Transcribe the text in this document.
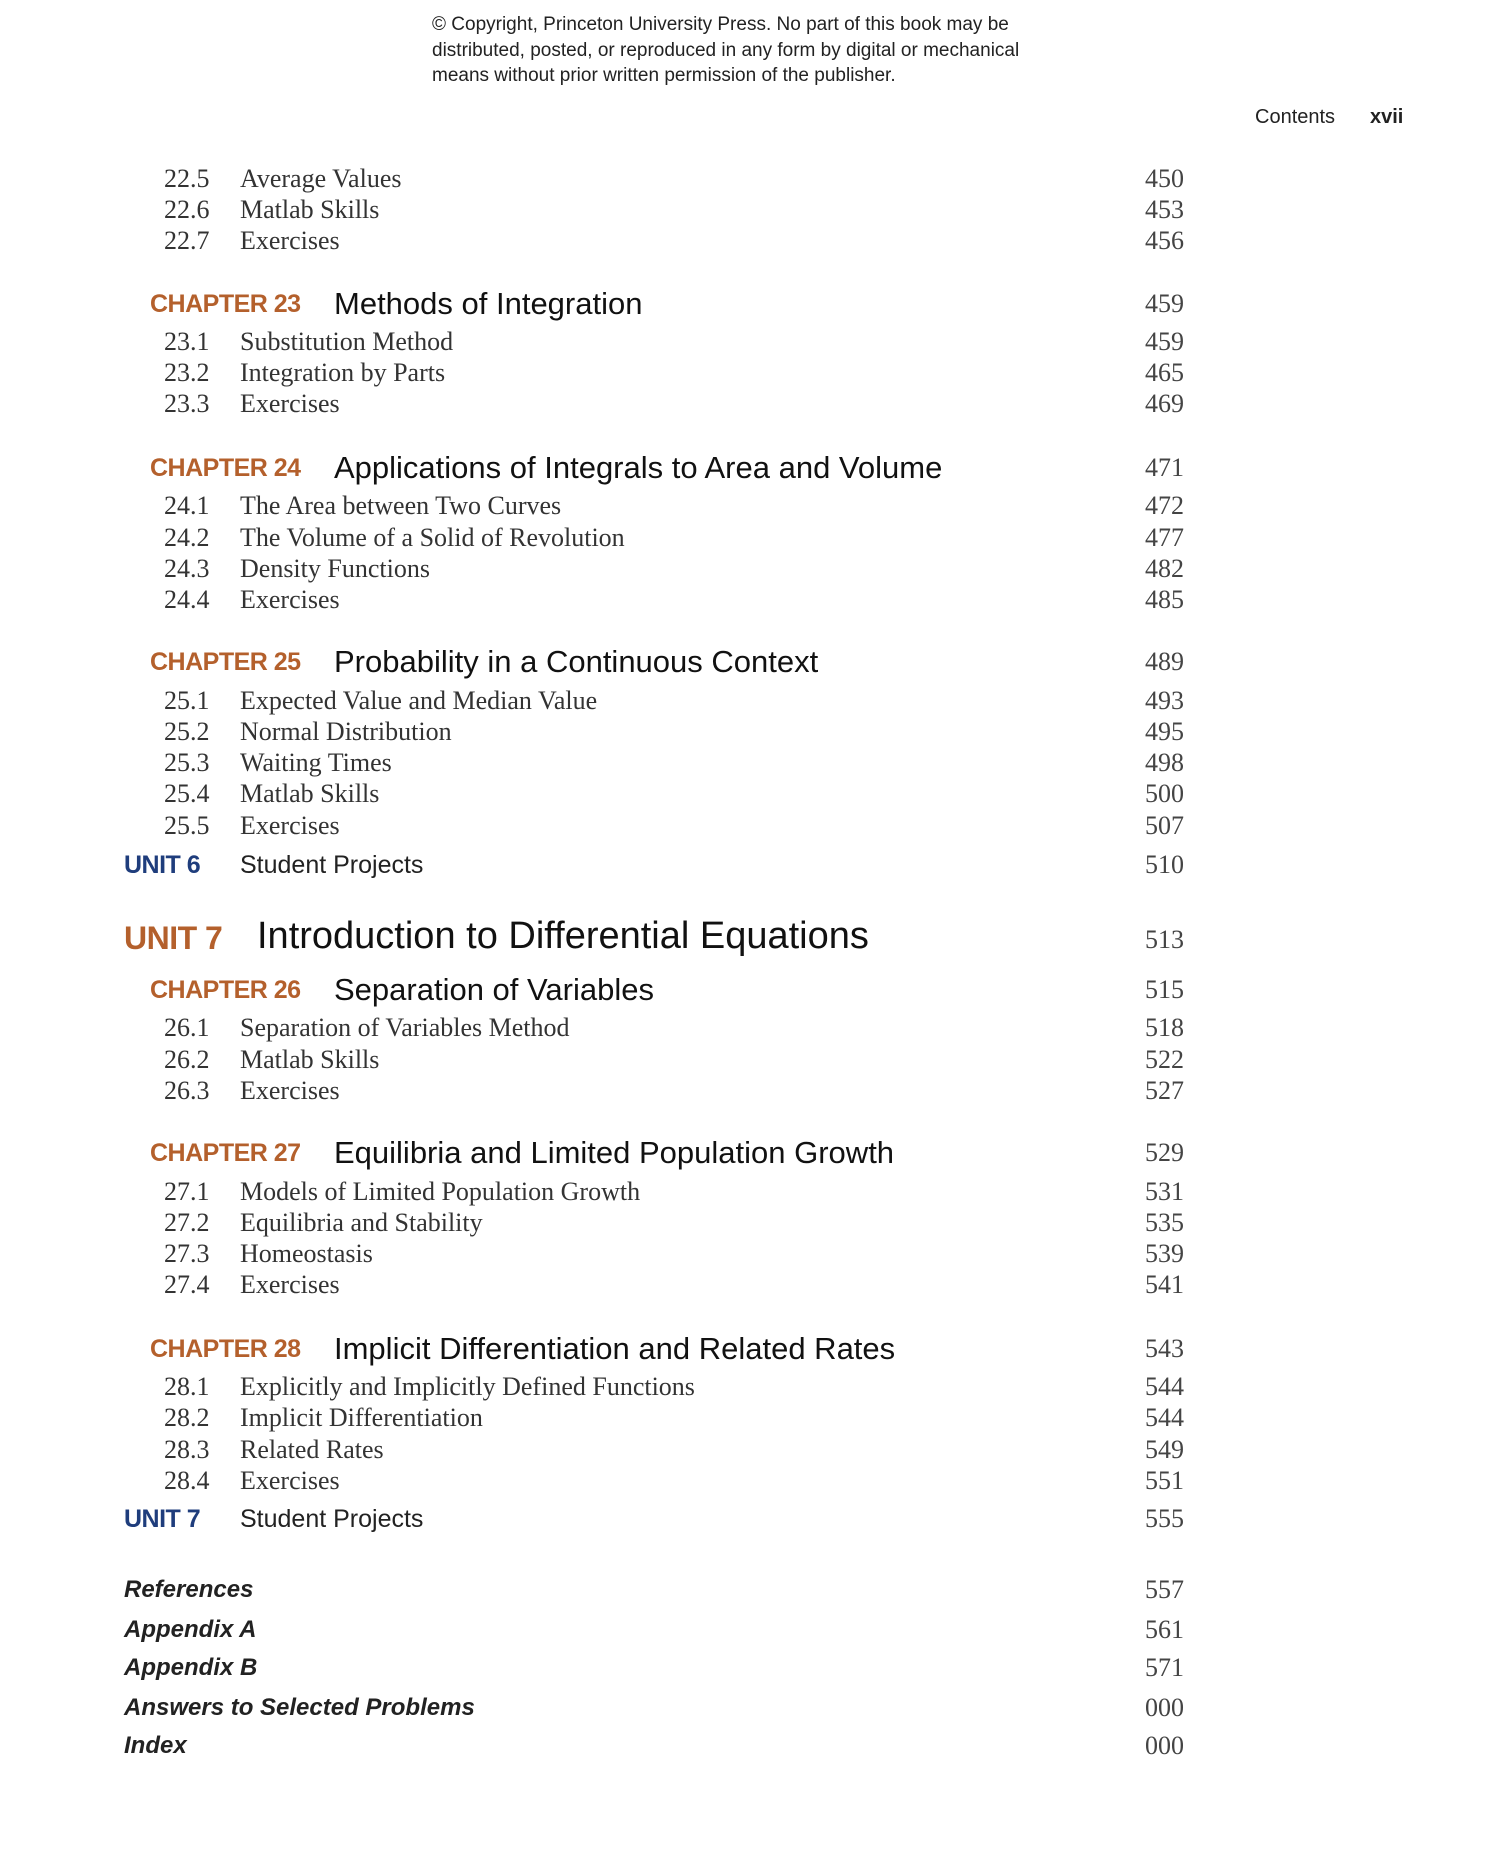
© Copyright, Princeton University Press. No part of this book may be
distributed, posted, or reproduced in any form by digital or mechanical
means without prior written permission of the publisher.
Contents xvii
22.5 Average Values	450
22.6 Matlab Skills	453
22.7 Exercises	456
CHAPTER 23 Methods of Integration	459
23.1 Substitution Method	459
23.2 Integration by Parts	465
23.3 Exercises	469
CHAPTER 24 Applications of Integrals to Area and Volume	471
24.1 The Area between Two Curves	472
24.2 The Volume of a Solid of Revolution	477
24.3 Density Functions	482
24.4 Exercises	485
CHAPTER 25 Probability in a Continuous Context	489
25.1 Expected Value and Median Value	493
25.2 Normal Distribution	495
25.3 Waiting Times	498
25.4 Matlab Skills	500
25.5 Exercises	507
UNIT 6 Student Projects	510
UNIT 7 Introduction to Differential Equations	513
CHAPTER 26 Separation of Variables	515
26.1 Separation of Variables Method	518
26.2 Matlab Skills	522
26.3 Exercises	527
CHAPTER 27 Equilibria and Limited Population Growth	529
27.1 Models of Limited Population Growth	531
27.2 Equilibria and Stability	535
27.3 Homeostasis	539
27.4 Exercises	541
CHAPTER 28 Implicit Differentiation and Related Rates	543
28.1 Explicitly and Implicitly Defined Functions	544
28.2 Implicit Differentiation	544
28.3 Related Rates	549
28.4 Exercises	551
UNIT 7 Student Projects	555
References	557
Appendix A	561
Appendix B	571
Answers to Selected Problems	000
Index	000
